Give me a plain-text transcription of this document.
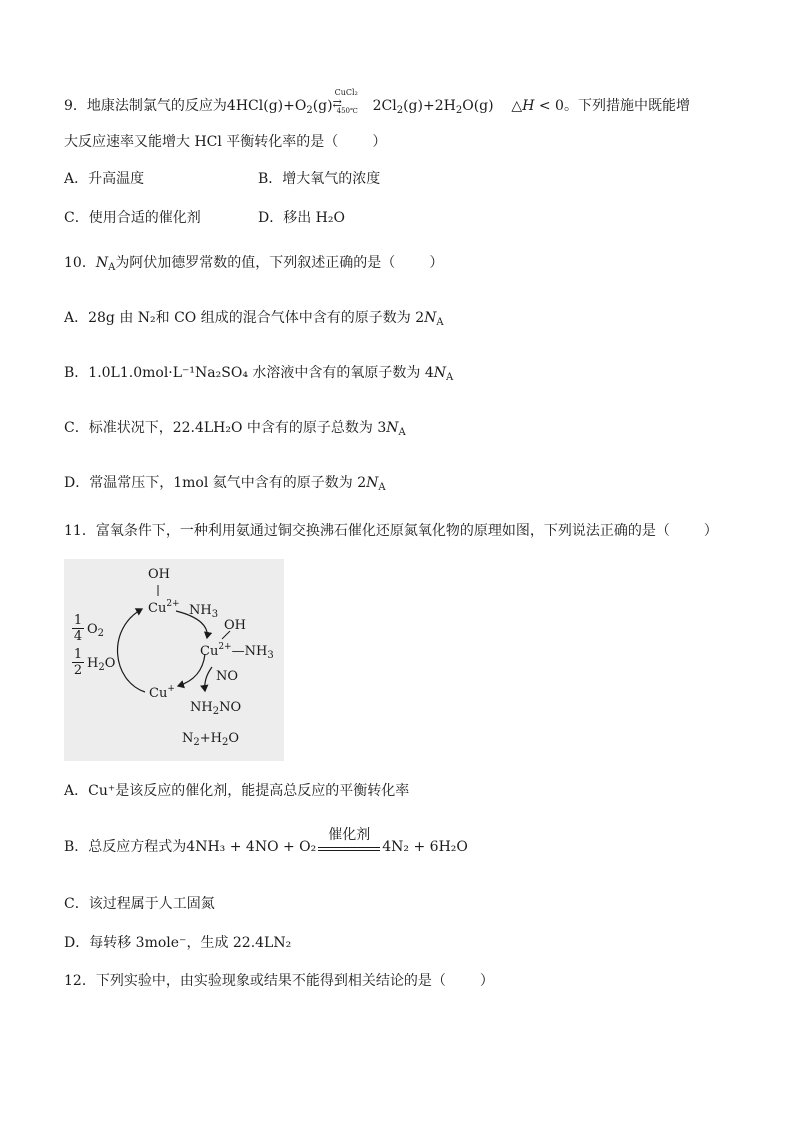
9．地康法制氯气的反应为$4HCl(g)+O_2(g)$
CuCl₂
⇄
450℃ $2Cl_2(g)+2H_2O(g)$ △H < 0。下列措施中既能增
大反应速率又能增大 HCl 平衡转化率的是（ ）
A．升高温度	B．增大氧气的浓度
C．使用合适的催化剂	D．移出 H₂O
10．$N_A$为阿伏加德罗常数的值，下列叙述正确的是（ ）
A．28g 由 N₂和 CO 组成的混合气体中含有的原子数为 $2N_A$
B．1.0L1.0mol·L⁻¹Na₂SO₄ 水溶液中含有的氧原子数为 $4N_A$
C．标准状况下，22.4LH₂O 中含有的原子总数为 $3N_A$
D．常温常压下，1mol 氦气中含有的原子数为 $2N_A$
11．富氧条件下，一种利用氨通过铜交换沸石催化还原氮氧化物的原理如图，下列说法正确的是（ ）
OH
$Cu^{2+}$ $NH_3$
OH
$Cu^{2+}—NH_3$
NO
Cu+
$NH_2NO$
$N_2+H_2O$
1
4 $O_2$
1
2 $H_2O$
A．Cu⁺是该反应的催化剂，能提高总反应的平衡转化率
B．总反应方程式为4NH₃ + 4NO + O₂
催化剂
4N₂ + 6H₂O
C．该过程属于人工固氮
D．每转移 3mole⁻，生成 22.4LN₂
12．下列实验中，由实验现象或结果不能得到相关结论的是（ ）
